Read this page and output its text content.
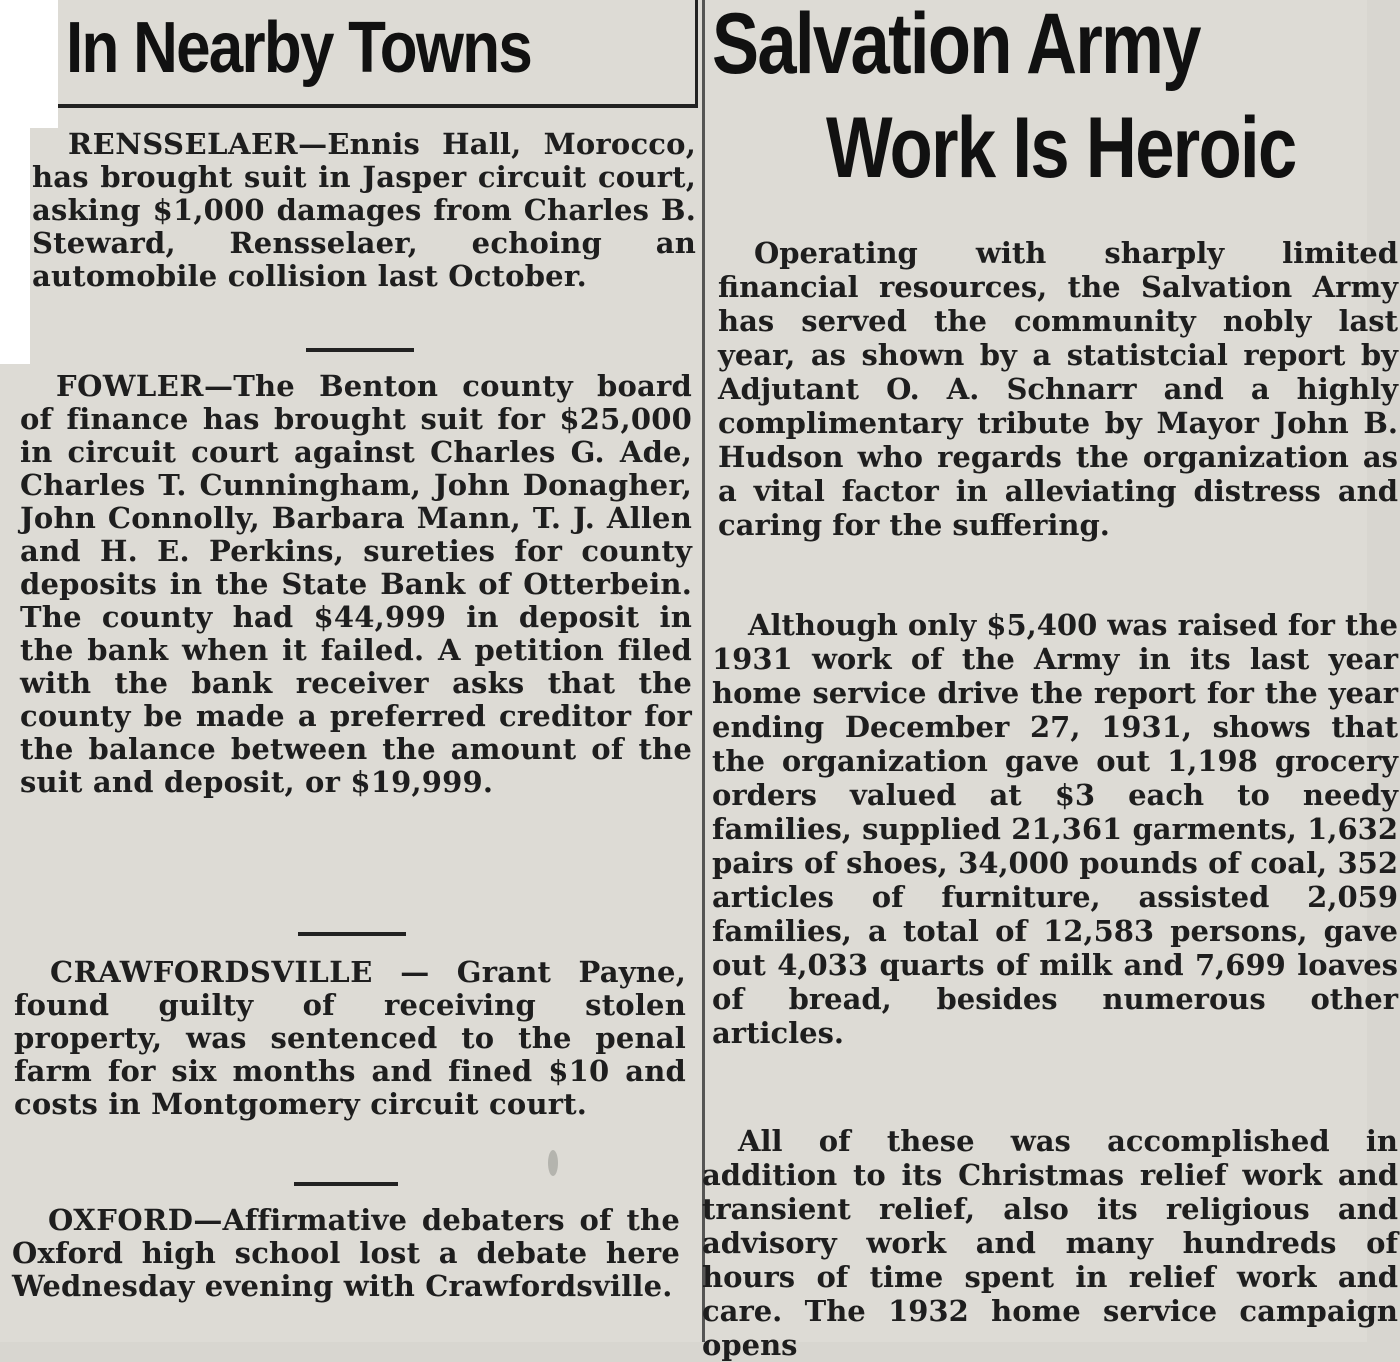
In Nearby Towns
RENSSELAER—Ennis Hall, Morocco, has brought suit in Jasper circuit court, asking $1,000 damages from Charles B. Steward, Rensselaer, echoing an automobile collision last October.
FOWLER—The Benton county board of finance has brought suit for $25,000 in circuit court against Charles G. Ade, Charles T. Cunningham, John Donagher, John Connolly, Barbara Mann, T. J. Allen and H. E. Perkins, sureties for county deposits in the State Bank of Otterbein. The county had $44,999 in deposit in the bank when it failed. A petition filed with the bank receiver asks that the county be made a preferred creditor for the balance between the amount of the suit and deposit, or $19,999.
CRAWFORDSVILLE — Grant Payne, found guilty of receiving stolen property, was sentenced to the penal farm for six months and fined $10 and costs in Montgomery circuit court.
OXFORD—Affirmative debaters of the Oxford high school lost a debate here Wednesday evening with Crawfordsville.
Salvation Army
Work Is Heroic
Operating with sharply limited financial resources, the Salvation Army has served the community nobly last year, as shown by a statistcial report by Adjutant O. A. Schnarr and a highly complimentary tribute by Mayor John B. Hudson who regards the organization as a vital factor in alleviating distress and caring for the suffering.
Although only $5,400 was raised for the 1931 work of the Army in its last year home service drive the report for the year ending December 27, 1931, shows that the organization gave out 1,198 grocery orders valued at $3 each to needy families, supplied 21,361 garments, 1,632 pairs of shoes, 34,000 pounds of coal, 352 articles of furniture, assisted 2,059 families, a total of 12,583 persons, gave out 4,033 quarts of milk and 7,699 loaves of bread, besides numerous other articles.
All of these was accomplished in addition to its Christmas relief work and transient relief, also its religious and advisory work and many hundreds of hours of time spent in relief work and care. The 1932 home service campaign opens
